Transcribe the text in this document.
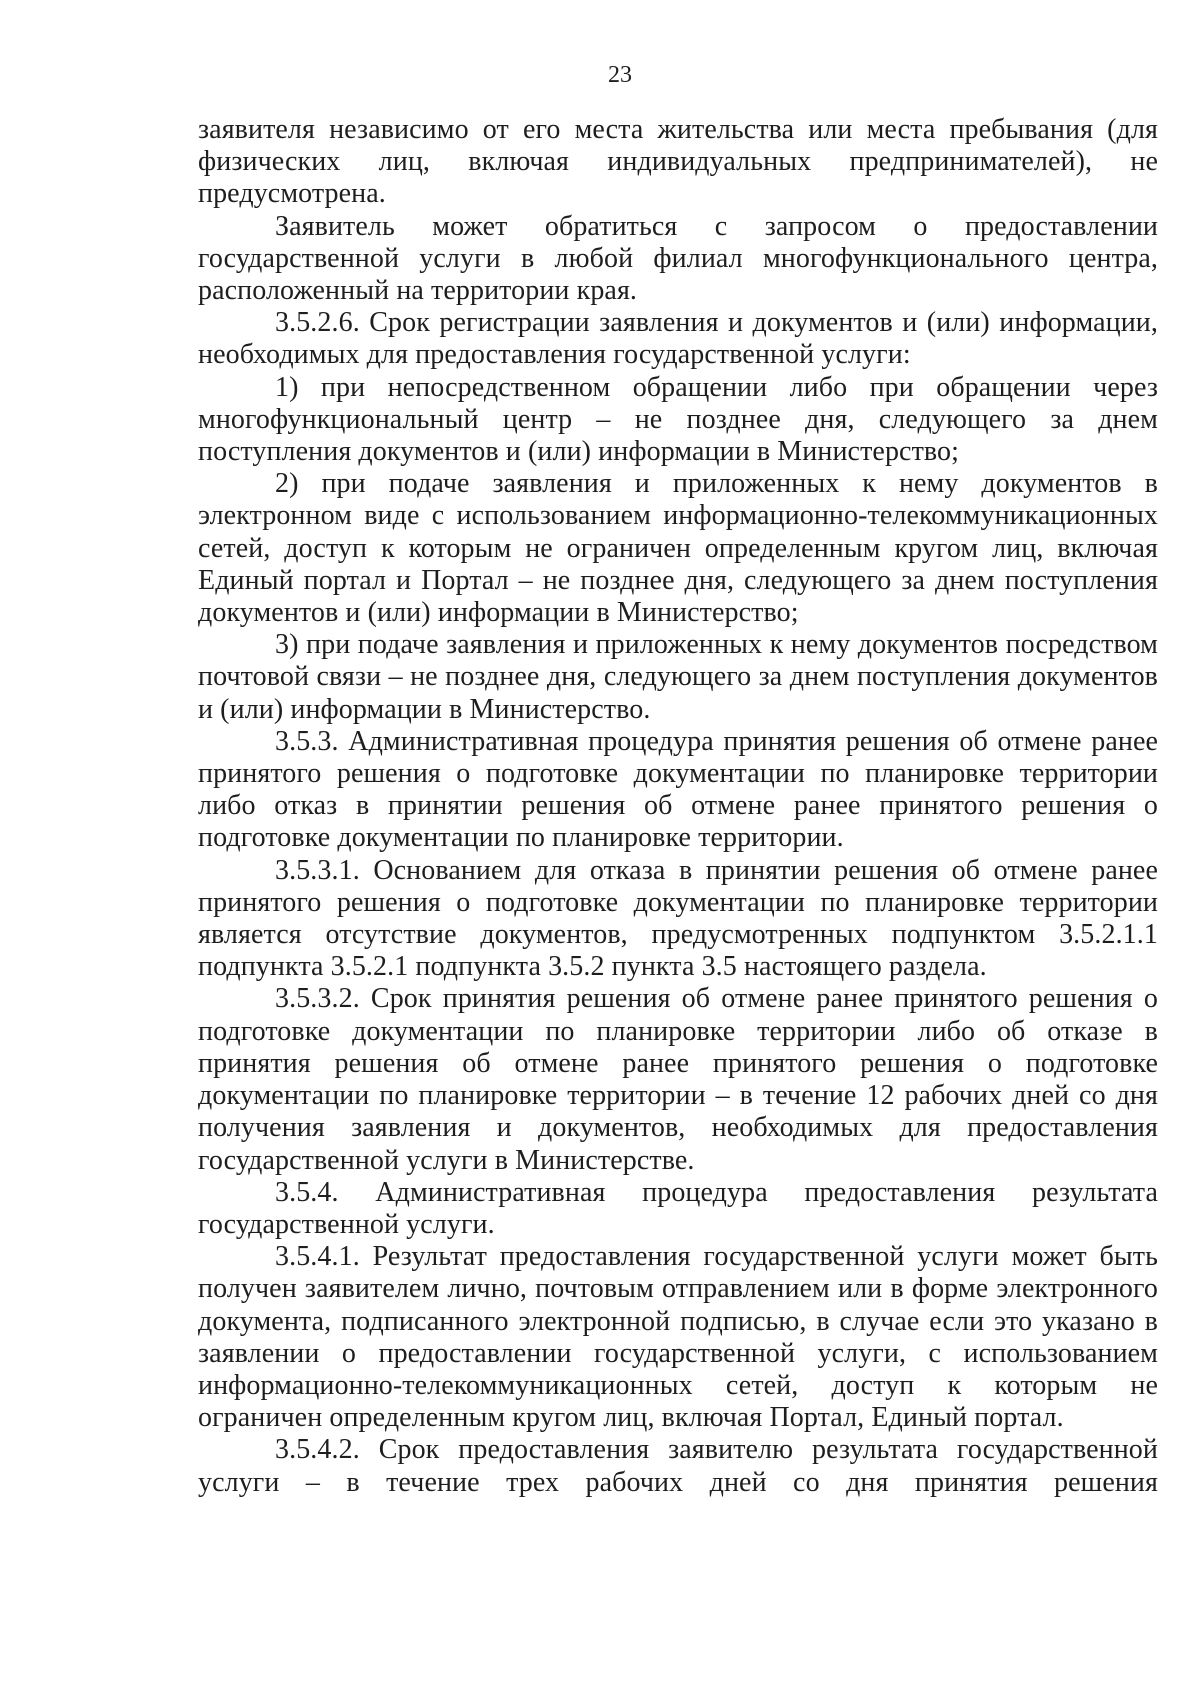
23

заявителя независимо от его места жительства или места пребывания (для физических лиц, включая индивидуальных предпринимателей), не предусмотрена.

Заявитель может обратиться с запросом о предоставлении государственной услуги в любой филиал многофункционального центра, расположенный на территории края.

3.5.2.6. Срок регистрации заявления и документов и (или) информации, необходимых для предоставления государственной услуги:

1) при непосредственном обращении либо при обращении через многофункциональный центр – не позднее дня, следующего за днем поступления документов и (или) информации в Министерство;

2) при подаче заявления и приложенных к нему документов в электронном виде с использованием информационно-телекоммуникационных сетей, доступ к которым не ограничен определенным кругом лиц, включая Единый портал и Портал – не позднее дня, следующего за днем поступления документов и (или) информации в Министерство;

3) при подаче заявления и приложенных к нему документов посредством почтовой связи – не позднее дня, следующего за днем поступления документов и (или) информации в Министерство.

3.5.3. Административная процедура принятия решения об отмене ранее принятого решения о подготовке документации по планировке территории либо отказ в принятии решения об отмене ранее принятого решения о подготовке документации по планировке территории.

3.5.3.1. Основанием для отказа в принятии решения об отмене ранее принятого решения о подготовке документации по планировке территории является отсутствие документов, предусмотренных подпунктом 3.5.2.1.1 подпункта 3.5.2.1 подпункта 3.5.2 пункта 3.5 настоящего раздела.

3.5.3.2. Срок принятия решения об отмене ранее принятого решения о подготовке документации по планировке территории либо об отказе в принятия решения об отмене ранее принятого решения о подготовке документации по планировке территории – в течение 12 рабочих дней со дня получения заявления и документов, необходимых для предоставления государственной услуги в Министерстве.

3.5.4. Административная процедура предоставления результата государственной услуги.

3.5.4.1. Результат предоставления государственной услуги может быть получен заявителем лично, почтовым отправлением или в форме электронного документа, подписанного электронной подписью, в случае если это указано в заявлении о предоставлении государственной услуги, с использованием информационно-телекоммуникационных сетей, доступ к которым не ограничен определенным кругом лиц, включая Портал, Единый портал.

3.5.4.2. Срок предоставления заявителю результата государственной услуги – в течение трех рабочих дней со дня принятия решения
